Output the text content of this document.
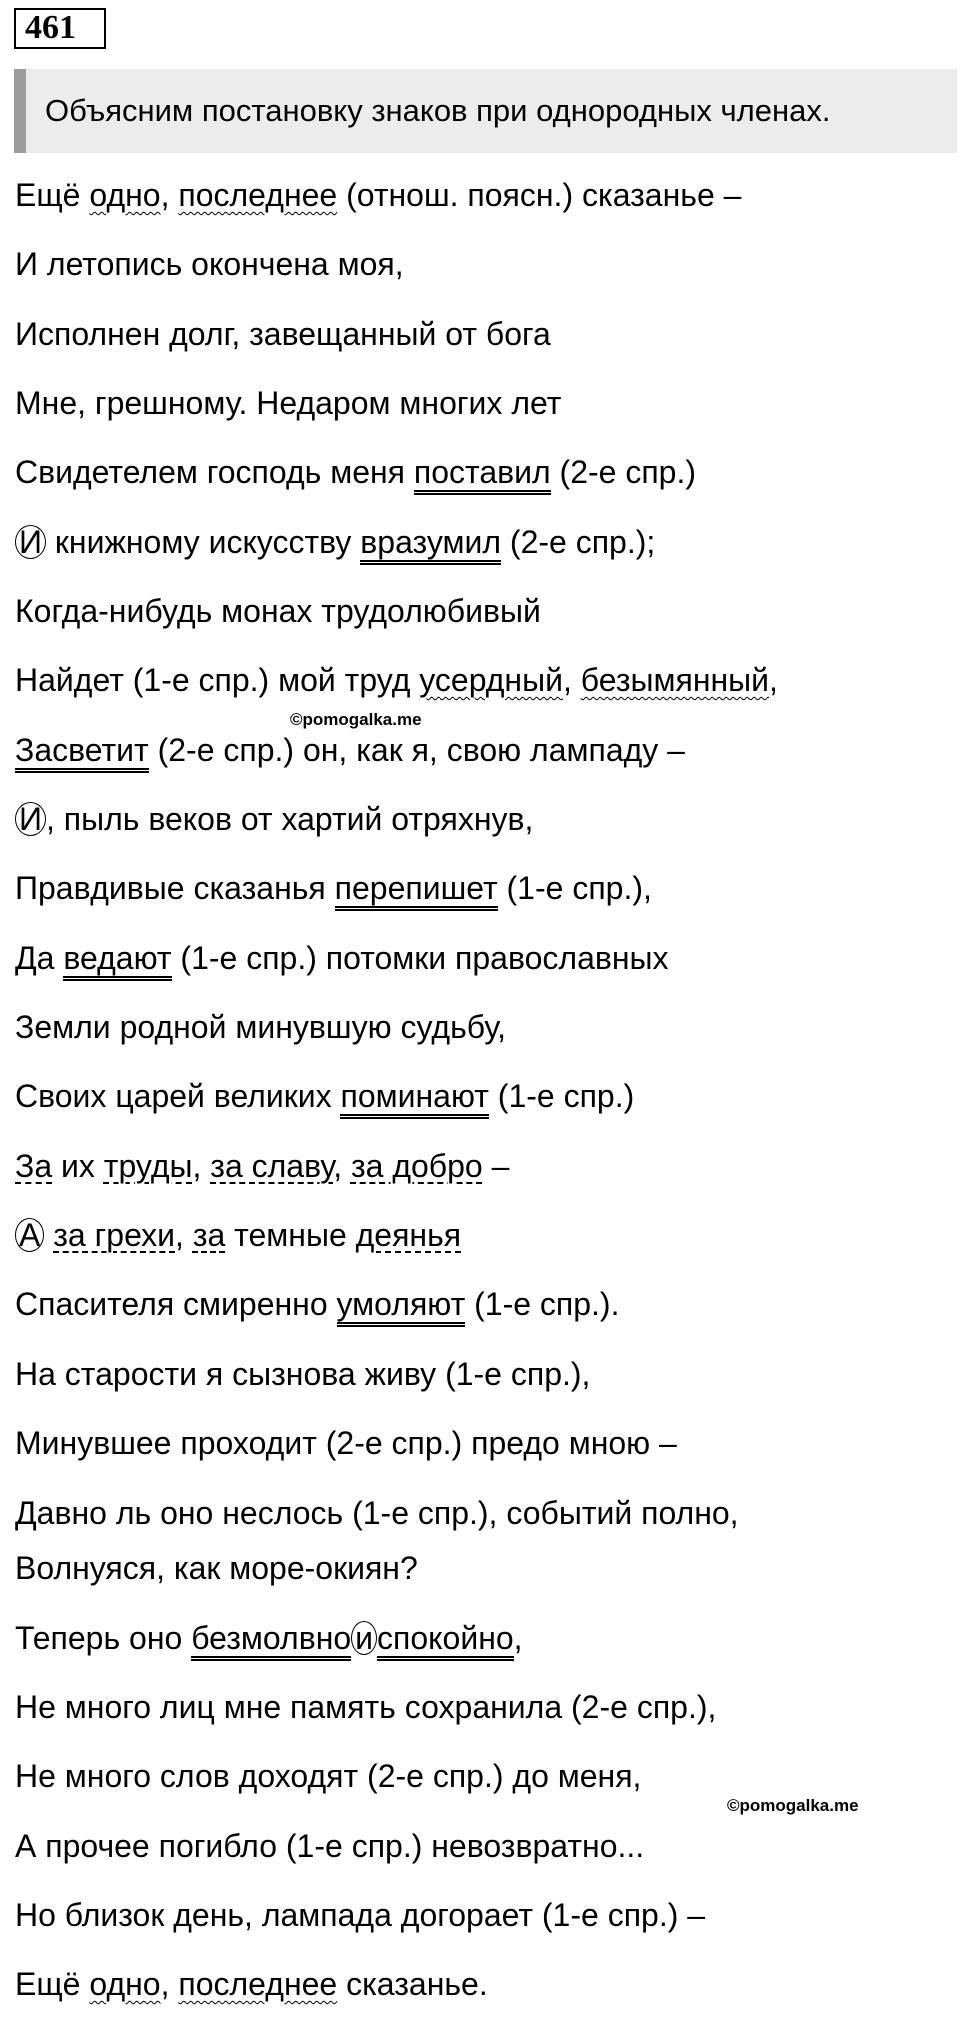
461
Объясним постановку знаков при однородных членах.
Ещё одно, последнее (отнош. поясн.) сказанье –
И летопись окончена моя,
Исполнен долг, завещанный от бога
Мне, грешному. Недаром многих лет
Свидетелем господь меня поставил (2-е спр.)
И книжному искусству вразумил (2-е спр.);
Когда-нибудь монах трудолюбивый
Найдет (1-е спр.) мой труд усердный, безымянный,
Засветит (2-е спр.) он, как я, свою лампаду –
И , пыль веков от хартий отряхнув,
Правдивые сказанья перепишет (1-е спр.),
Да ведают (1-е спр.) потомки православных
Земли родной минувшую судьбу,
Своих царей великих поминают (1-е спр.)
За их труды, за славу, за добро –
А за грехи, за темные деянья
Спасителя смиренно умоляют (1-е спр.).
На старости я сызнова живу (1-е спр.),
Минувшее проходит (2-е спр.) предо мною –
Давно ль оно неслось (1-е спр.), событий полно,
Волнуяся, как море-окиян?
Теперь оно безмолвно и спокойно,
Не много лиц мне память сохранила (2-е спр.),
Не много слов доходят (2-е спр.) до меня,
А прочее погибло (1-е спр.) невозвратно...
Но близок день, лампада догорает (1-е спр.) –
Ещё одно, последнее сказанье.
©pomogalka.me
©pomogalka.me
